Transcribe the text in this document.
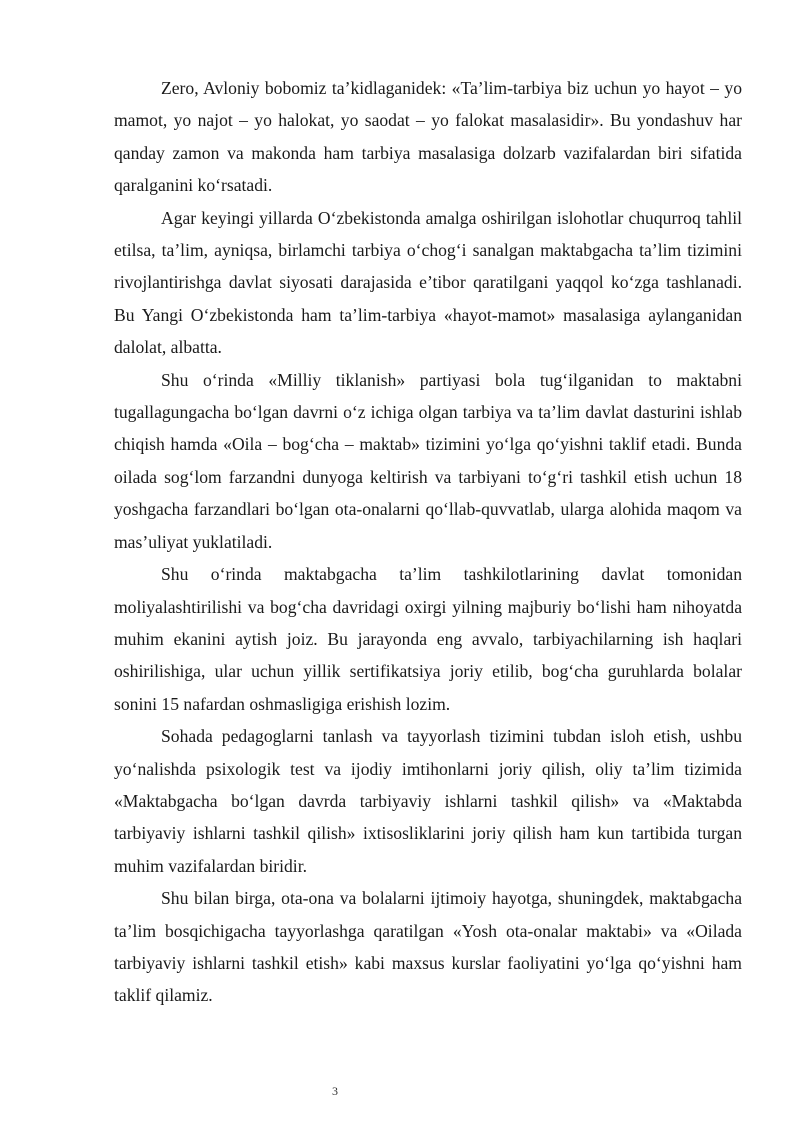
Zero, Avloniy bobomiz ta’kidlaganidek: «Ta’lim-tarbiya biz uchun yo hayot – yo mamot, yo najot – yo halokat, yo saodat – yo falokat masalasidir». Bu yondashuv har qanday zamon va makonda ham tarbiya masalasiga dolzarb vazifalardan biri sifatida qaralganini ko‘rsatadi.

Agar keyingi yillarda O‘zbekistonda amalga oshirilgan islohotlar chuqurroq tahlil etilsa, ta’lim, ayniqsa, birlamchi tarbiya o‘chog‘i sanalgan maktabgacha ta’lim tizimini rivojlantirishga davlat siyosati darajasida e’tibor qaratilgani yaqqol ko‘zga tashlanadi. Bu Yangi O‘zbekistonda ham ta’lim-tarbiya «hayot-mamot» masalasiga aylanganidan dalolat, albatta.

Shu o‘rinda «Milliy tiklanish» partiyasi bola tug‘ilganidan to maktabni tugallagungacha bo‘lgan davrni o‘z ichiga olgan tarbiya va ta’lim davlat dasturini ishlab chiqish hamda «Oila – bog‘cha – maktab» tizimini yo‘lga qo‘yishni taklif etadi. Bunda oilada sog‘lom farzandni dunyoga keltirish va tarbiyani to‘g‘ri tashkil etish uchun 18 yoshgacha farzandlari bo‘lgan ota-onalarni qo‘llab-quvvatlab, ularga alohida maqom va mas’uliyat yuklatiladi.

Shu o‘rinda maktabgacha ta’lim tashkilotlarining davlat tomonidan moliyalashtirilishi va bog‘cha davridagi oxirgi yilning majburiy bo‘lishi ham nihoyatda muhim ekanini aytish joiz. Bu jarayonda eng avvalo, tarbiyachilarning ish haqlari oshirilishiga, ular uchun yillik sertifikatsiya joriy etilib, bog‘cha guruhlarda bolalar sonini 15 nafardan oshmasligiga erishish lozim.

Sohada pedagoglarni tanlash va tayyorlash tizimini tubdan isloh etish, ushbu yo‘nalishda psixologik test va ijodiy imtihonlarni joriy qilish, oliy ta’lim tizimida «Maktabgacha bo‘lgan davrda tarbiyaviy ishlarni tashkil qilish» va «Maktabda tarbiyaviy ishlarni tashkil qilish» ixtisosliklarini joriy qilish ham kun tartibida turgan muhim vazifalardan biridir.

Shu bilan birga, ota-ona va bolalarni ijtimoiy hayotga, shuningdek, maktabgacha ta’lim bosqichigacha tayyorlashga qaratilgan «Yosh ota-onalar maktabi» va «Oilada tarbiyaviy ishlarni tashkil etish» kabi maxsus kurslar faoliyatini yo‘lga qo‘yishni ham taklif qilamiz.

3
